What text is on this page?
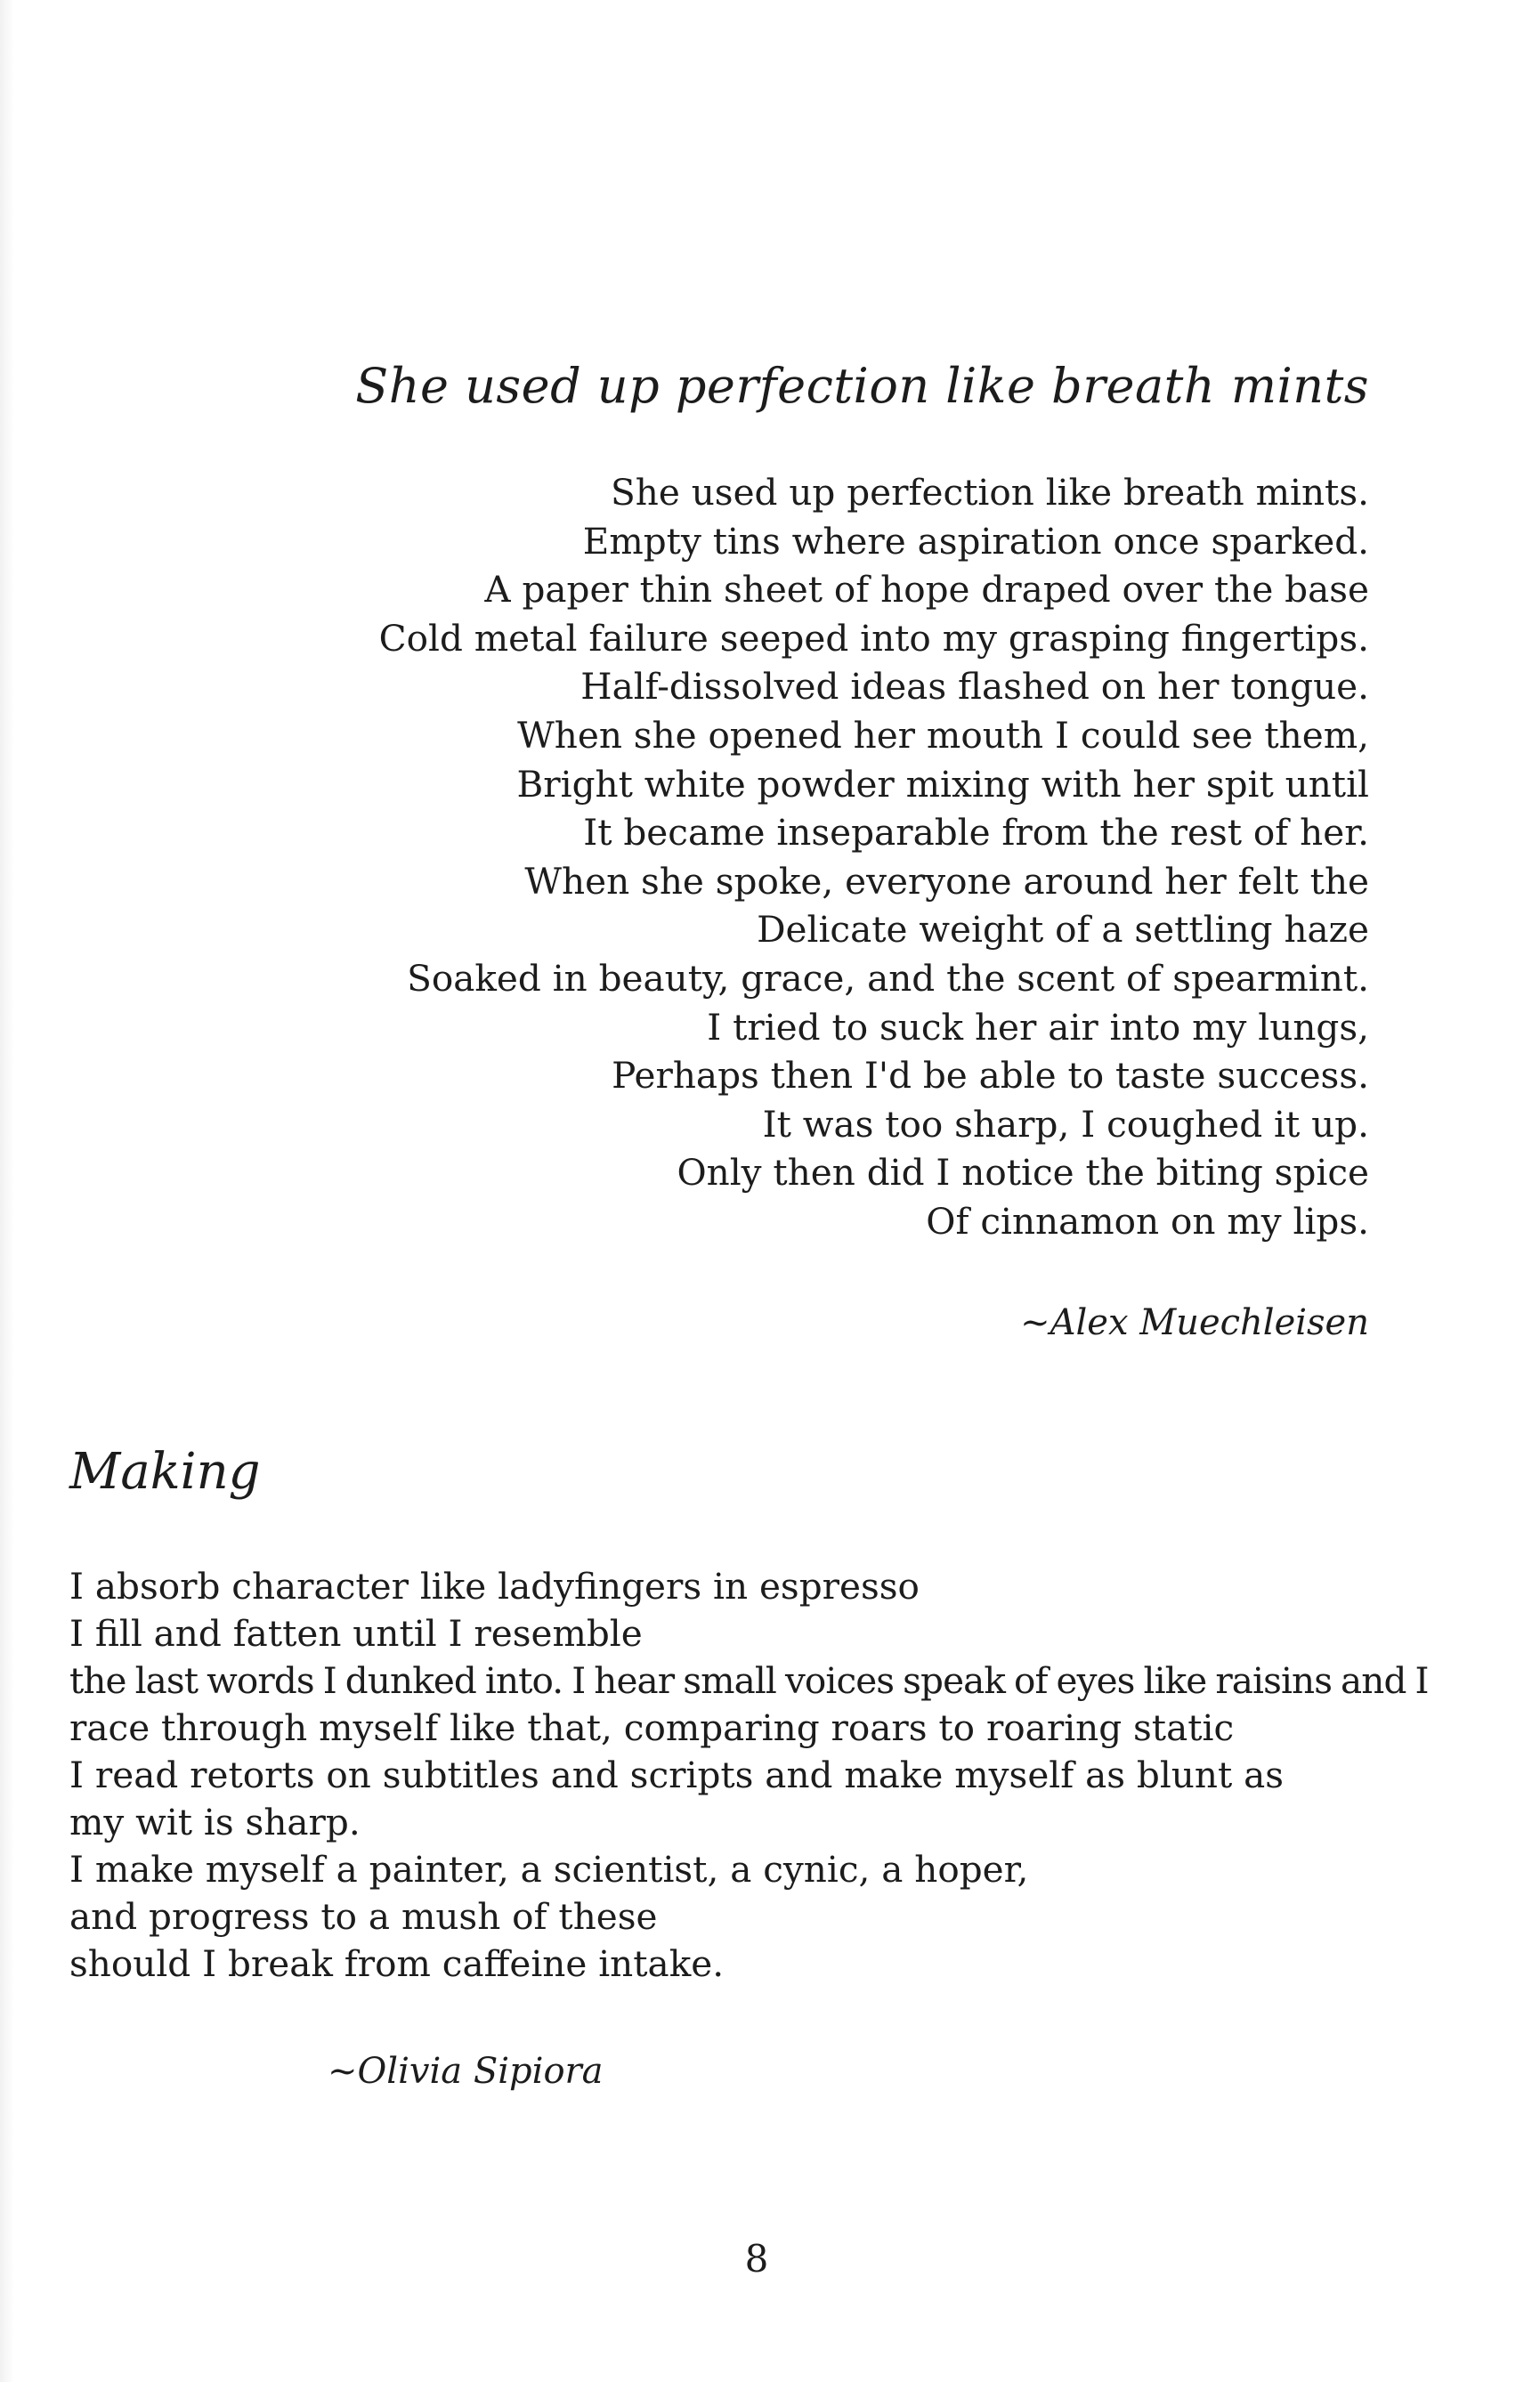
She used up perfection like breath mints
She used up perfection like breath mints.
Empty tins where aspiration once sparked.
A paper thin sheet of hope draped over the base
Cold metal failure seeped into my grasping fingertips.
Half-dissolved ideas flashed on her tongue.
When she opened her mouth I could see them,
Bright white powder mixing with her spit until
It became inseparable from the rest of her.
When she spoke, everyone around her felt the
Delicate weight of a settling haze
Soaked in beauty, grace, and the scent of spearmint.
I tried to suck her air into my lungs,
Perhaps then I'd be able to taste success.
It was too sharp, I coughed it up.
Only then did I notice the biting spice
Of cinnamon on my lips.
~Alex Muechleisen
Making
I absorb character like ladyfingers in espresso
I fill and fatten until I resemble
the last words I dunked into. I hear small voices speak of eyes like raisins and I
race through myself like that, comparing roars to roaring static
I read retorts on subtitles and scripts and make myself as blunt as
my wit is sharp.
I make myself a painter, a scientist, a cynic, a hoper,
and progress to a mush of these
should I break from caffeine intake.
~Olivia Sipiora
8
